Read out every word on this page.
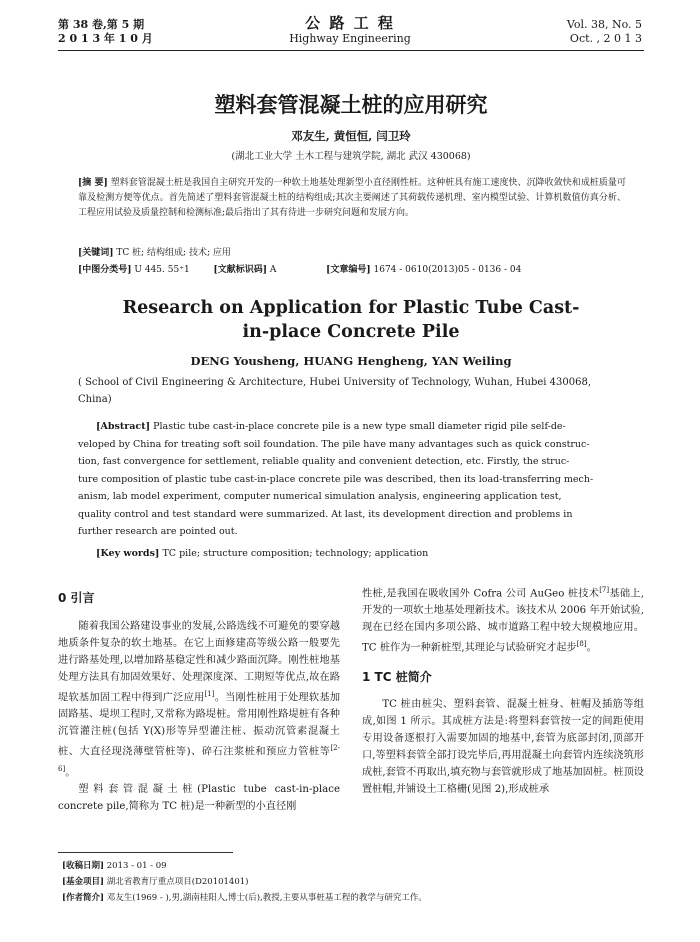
第 38 卷,第 5 期
2 0 1 3 年 1 0 月
公 路 工 程
Highway Engineering
Vol. 38, No. 5
Oct. , 2 0 1 3
塑料套管混凝土桩的应用研究
邓友生, 黄恒恒, 闫卫玲
(湖北工业大学 土木工程与建筑学院, 湖北 武汉 430068)
[摘 要] 塑料套管混凝土桩是我国自主研究开发的一种软土地基处理新型小直径刚性桩。这种桩具有施工速度快、沉降收敛快和成桩质量可靠及检测方便等优点。首先简述了塑料套管混凝土桩的结构组成;其次主要阐述了其荷载传递机理、室内模型试验、计算机数值仿真分析、工程应用试验及质量控制和检测标准;最后指出了其有待进一步研究问题和发展方向。
[关键词] TC 桩; 结构组成; 技术; 应用
[中图分类号] U 445. 55⁺1	[文献标识码] A	[文章编号] 1674 - 0610(2013)05 - 0136 - 04
Research on Application for Plastic Tube Cast-
in-place Concrete Pile
DENG Yousheng, HUANG Hengheng, YAN Weiling
( School of Civil Engineering & Architecture, Hubei University of Technology, Wuhan, Hubei 430068,
China)
[Abstract] Plastic tube cast-in-place concrete pile is a new type small diameter rigid pile self-de-
veloped by China for treating soft soil foundation. The pile have many advantages such as quick construc-
tion, fast convergence for settlement, reliable quality and convenient detection, etc. Firstly, the struc-
ture composition of plastic tube cast-in-place concrete pile was described, then its load-transferring mech-
anism, lab model experiment, computer numerical simulation analysis, engineering application test,
quality control and test standard were summarized. At last, its development direction and problems in
further research are pointed out.
[Key words] TC pile; structure composition; technology; application
0 引言
随着我国公路建设事业的发展,公路选线不可避免的要穿越地质条件复杂的软土地基。在它上面修建高等级公路一般要先进行路基处理,以增加路基稳定性和减少路面沉降。刚性桩地基处理方法具有加固效果好、处理深度深、工期短等优点,故在路堤软基加固工程中得到广泛应用[1]。当刚性桩用于处理软基加固路基、堤坝工程时,又常称为路堤桩。常用刚性路堤桩有各种沉管灌注桩(包括 Y(X)形等异型灌注桩、振动沉管素混凝土桩、大直径现浇薄壁管桩等)、碎石注浆桩和预应力管桩等[2-6]。
塑料套管混凝土桩(Plastic tube cast-in-place concrete pile,简称为 TC 桩)是一种新型的小直径刚
性桩,是我国在吸收国外 Cofra 公司 AuGeo 桩技术[7]基础上,开发的一项软土地基处理新技术。该技术从 2006 年开始试验,现在已经在国内多项公路、城市道路工程中较大规模地应用。TC 桩作为一种新桩型,其理论与试验研究才起步[8]。
1 TC 桩简介
TC 桩由桩尖、塑料套管、混凝土桩身、桩帽及插筋等组成,如图 1 所示。其成桩方法是:将塑料套管按一定的间距使用专用设备逐根打入需要加固的地基中,套管为底部封闭,顶部开口,等塑料套管全部打设完毕后,再用混凝土向套管内连续浇筑形成桩,套管不再取出,填充物与套管就形成了地基加固桩。桩顶设置桩帽,并铺设土工格栅(见图 2),形成桩承
[收稿日期] 2013 - 01 - 09
[基金项目] 湖北省教育厅重点项目(D20101401)
[作者简介] 邓友生(1969 - ),男,湖南桂阳人,博士(后),教授,主要从事桩基工程的教学与研究工作。
